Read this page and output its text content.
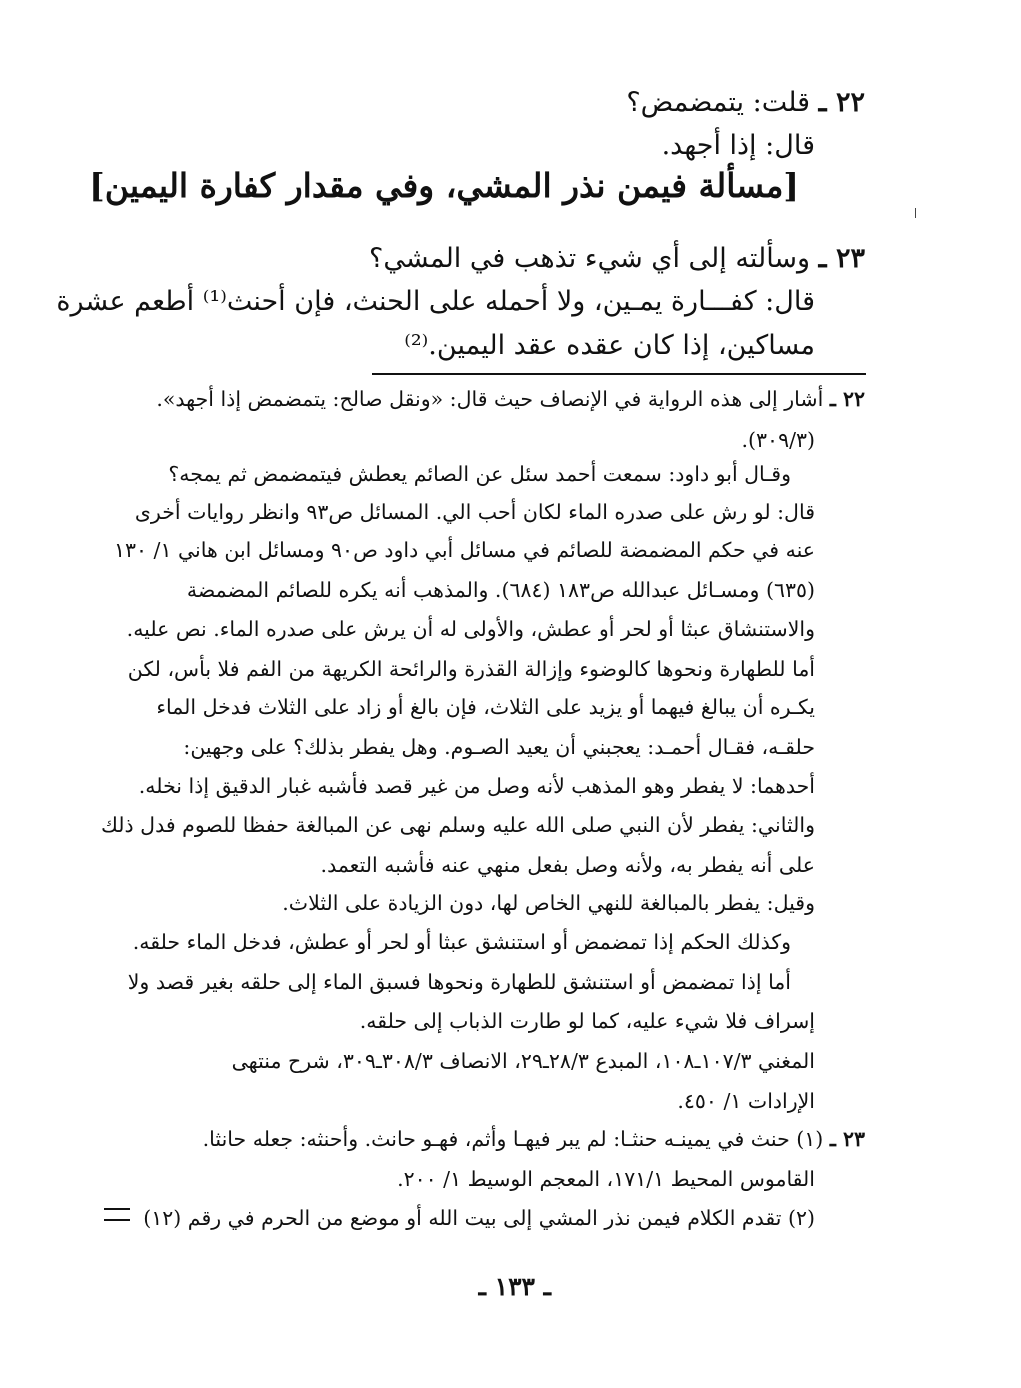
٢٢ ـ قلت: يتمضمض؟
قال: إذا أجهد.
[مسألة فيمن نذر المشي، وفي مقدار كفارة اليمين]
٢٣ ـ وسألته إلى أي شيء تذهب في المشي؟
قال: كفـــارة يمـين، ولا أحمله على الحنث، فإن أحنث⁽¹⁾ أطعم عشرة
مساكين، إذا كان عقده عقد اليمين.⁽²⁾
٢٢ ـ أشار إلى هذه الرواية في الإنصاف حيث قال: «ونقل صالح: يتمضمض إذا أجهد».
(٣٠٩/٣).
وقـال أبو داود: سمعت أحمد سئل عن الصائم يعطش فيتمضمض ثم يمجه؟
قال: لو رش على صدره الماء لكان أحب الي. المسائل ص٩٣ وانظر روايات أخرى
عنه في حكم المضمضة للصائم في مسائل أبي داود ص٩٠ ومسائل ابن هاني ١/ ١٣٠
(٦٣٥) ومسـائل عبدالله ص١٨٣ (٦٨٤). والمذهب أنه يكره للصائم المضمضة
والاستنشاق عبثا أو لحر أو عطش، والأولى له أن يرش على صدره الماء. نص عليه.
أما للطهارة ونحوها كالوضوء وإزالة القذرة والرائحة الكريهة من الفم فلا بأس، لكن
يكـره أن يبالغ فيهما أو يزيد على الثلاث، فإن بالغ أو زاد على الثلاث فدخل الماء
حلقـه، فقـال أحمـد: يعجبني أن يعيد الصـوم. وهل يفطر بذلك؟ على وجهين:
أحدهما: لا يفطر وهو المذهب لأنه وصل من غير قصد فأشبه غبار الدقيق إذا نخله.
والثاني: يفطر لأن النبي صلى الله عليه وسلم نهى عن المبالغة حفظا للصوم فدل ذلك
على أنه يفطر به، ولأنه وصل بفعل منهي عنه فأشبه التعمد.
وقيل: يفطر بالمبالغة للنهي الخاص لها، دون الزيادة على الثلاث.
وكذلك الحكم إذا تمضمض أو استنشق عبثا أو لحر أو عطش، فدخل الماء حلقه.
أما إذا تمضمض أو استنشق للطهارة ونحوها فسبق الماء إلى حلقه بغير قصد ولا
إسراف فلا شيء عليه، كما لو طارت الذباب إلى حلقه.
المغني ١٠٧/٣ـ١٠٨، المبدع ٢٨/٣ـ٢٩، الانصاف ٣٠٨/٣ـ٣٠٩، شرح منتهى
الإرادات ١/ ٤٥٠.
٢٣ ـ (١) حنث في يمينـه حنثـا: لم يبر فيهـا وأثم، فهـو حانث. وأحنثه: جعله حانثا.
القاموس المحيط ١٧١/١، المعجم الوسيط ١/ ٢٠٠.
(٢) تقدم الكلام فيمن نذر المشي إلى بيت الله أو موضع من الحرم في رقم (١٢)
ـ ١٣٣ ـ
